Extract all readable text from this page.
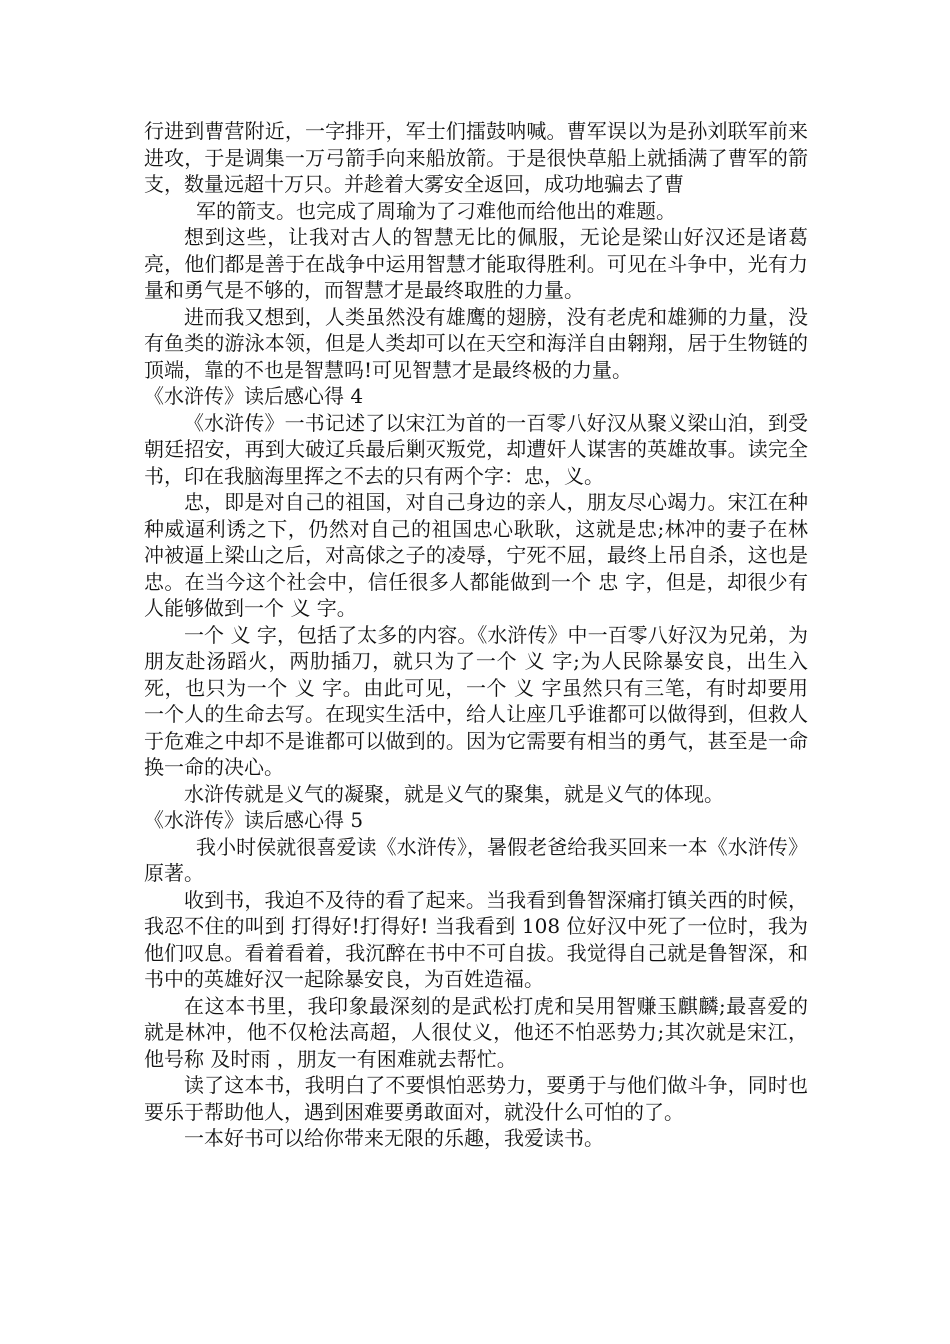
行进到曹营附近，一字排开，军士们擂鼓呐喊。曹军误以为是孙刘联军前来进攻，于是调集一万弓箭手向来船放箭。于是很快草船上就插满了曹军的箭支，数量远超十万只。并趁着大雾安全返回，成功地骗去了曹

军的箭支。也完成了周瑜为了刁难他而给他出的难题。

想到这些，让我对古人的智慧无比的佩服，无论是梁山好汉还是诸葛亮，他们都是善于在战争中运用智慧才能取得胜利。可见在斗争中，光有力量和勇气是不够的，而智慧才是最终取胜的力量。

进而我又想到，人类虽然没有雄鹰的翅膀，没有老虎和雄狮的力量，没有鱼类的游泳本领，但是人类却可以在天空和海洋自由翱翔，居于生物链的顶端，靠的不也是智慧吗!可见智慧才是最终极的力量。

《水浒传》读后感心得 4

《水浒传》一书记述了以宋江为首的一百零八好汉从聚义梁山泊，到受朝廷招安，再到大破辽兵最后剿灭叛党，却遭奸人谋害的英雄故事。读完全书，印在我脑海里挥之不去的只有两个字：忠，义。

忠，即是对自己的祖国，对自己身边的亲人，朋友尽心竭力。宋江在种种威逼利诱之下，仍然对自己的祖国忠心耿耿，这就是忠;林冲的妻子在林冲被逼上梁山之后，对高俅之子的凌辱，宁死不屈，最终上吊自杀，这也是忠。在当今这个社会中，信任很多人都能做到一个 忠 字，但是，却很少有人能够做到一个 义 字。

一个 义 字，包括了太多的内容。《水浒传》中一百零八好汉为兄弟，为朋友赴汤蹈火，两肋插刀，就只为了一个 义 字;为人民除暴安良，出生入死，也只为一个 义 字。由此可见，一个 义 字虽然只有三笔，有时却要用一个人的生命去写。在现实生活中，给人让座几乎谁都可以做得到，但救人于危难之中却不是谁都可以做到的。因为它需要有相当的勇气，甚至是一命换一命的决心。

水浒传就是义气的凝聚，就是义气的聚集，就是义气的体现。

《水浒传》读后感心得 5

我小时侯就很喜爱读《水浒传》，暑假老爸给我买回来一本《水浒传》原著。

收到书，我迫不及待的看了起来。当我看到鲁智深痛打镇关西的时候，我忍不住的叫到 打得好!打得好! 当我看到 108 位好汉中死了一位时，我为他们叹息。看着看着，我沉醉在书中不可自拔。我觉得自己就是鲁智深，和书中的英雄好汉一起除暴安良，为百姓造福。

在这本书里，我印象最深刻的是武松打虎和吴用智赚玉麒麟;最喜爱的就是林冲，他不仅枪法高超，人很仗义，他还不怕恶势力;其次就是宋江，他号称 及时雨 ，朋友一有困难就去帮忙。

读了这本书，我明白了不要惧怕恶势力，要勇于与他们做斗争，同时也要乐于帮助他人，遇到困难要勇敢面对，就没什么可怕的了。

一本好书可以给你带来无限的乐趣，我爱读书。
